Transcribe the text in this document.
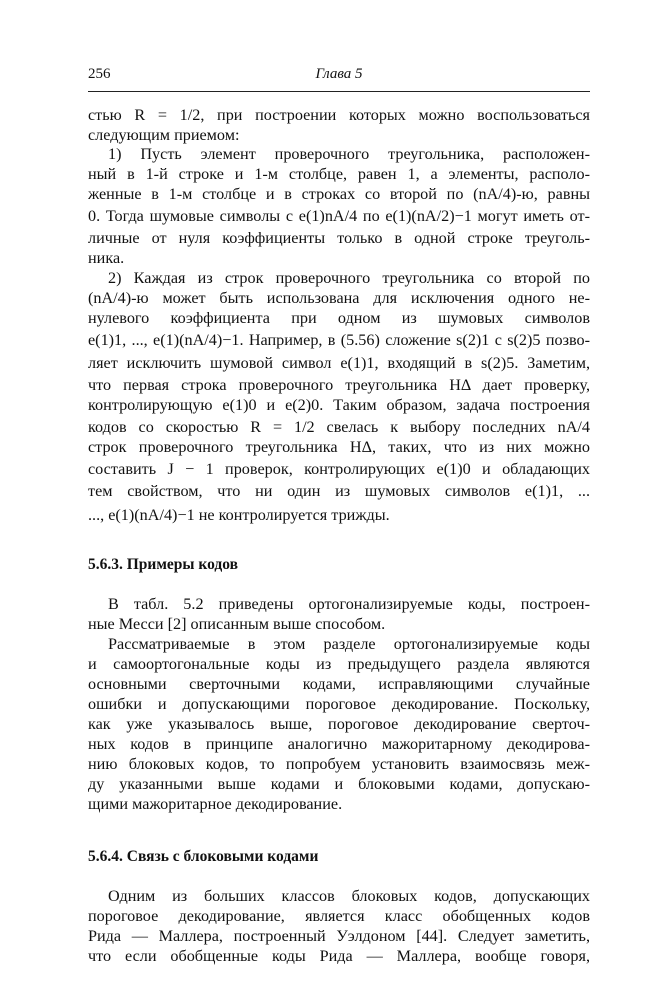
256	Глава 5
стью R = 1/2, при построении которых можно воспользоваться
следующим приемом:
1) Пусть элемент проверочного треугольника, расположен-
ный в 1-й строке и 1-м столбце, равен 1, а элементы, располо-
женные в 1-м столбце и в строках со второй по (nA/4)-ю, равны
0. Тогда шумовые символы с e(1)nA/4 по e(1)(nA/2)−1 могут иметь от-
личные от нуля коэффициенты только в одной строке треуголь-
ника.
2) Каждая из строк проверочного треугольника со второй по
(nA/4)-ю может быть использована для исключения одного не-
нулевого коэффициента при одном из шумовых символов
e(1)1, ..., e(1)(nA/4)−1. Например, в (5.56) сложение s(2)1 с s(2)5 позво-
ляет исключить шумовой символ e(1)1, входящий в s(2)5. Заметим,
что первая строка проверочного треугольника HΔ дает проверку,
контролирующую e(1)0 и e(2)0. Таким образом, задача построения
кодов со скоростью R = 1/2 свелась к выбору последних nA/4
строк проверочного треугольника HΔ, таких, что из них можно
составить J − 1 проверок, контролирующих e(1)0 и обладающих
тем свойством, что ни один из шумовых символов e(1)1, ...
..., e(1)(nA/4)−1 не контролируется трижды.
5.6.3. Примеры кодов
В табл. 5.2 приведены ортогонализируемые коды, построен-
ные Месси [2] описанным выше способом.
Рассматриваемые в этом разделе ортогонализируемые коды
и самоортогональные коды из предыдущего раздела являются
основными сверточными кодами, исправляющими случайные
ошибки и допускающими пороговое декодирование. Поскольку,
как уже указывалось выше, пороговое декодирование сверточ-
ных кодов в принципе аналогично мажоритарному декодирова-
нию блоковых кодов, то попробуем установить взаимосвязь меж-
ду указанными выше кодами и блоковыми кодами, допускаю-
щими мажоритарное декодирование.
5.6.4. Связь с блоковыми кодами
Одним из больших классов блоковых кодов, допускающих
пороговое декодирование, является класс обобщенных кодов
Рида — Маллера, построенный Уэлдоном [44]. Следует заметить,
что если обобщенные коды Рида — Маллера, вообще говоря,
